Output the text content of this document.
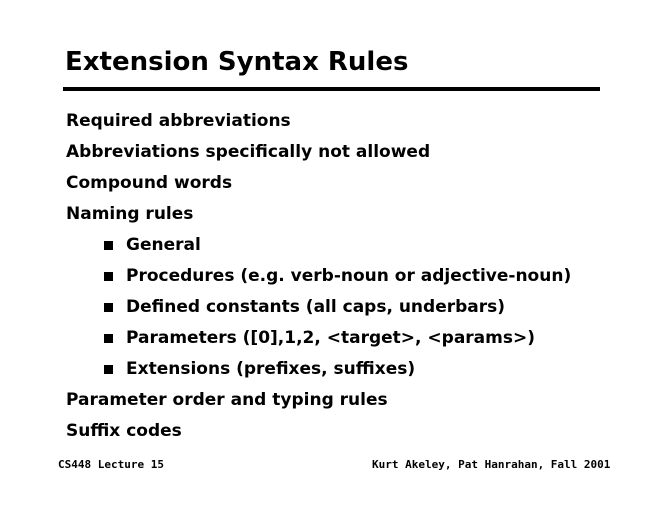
Extension Syntax Rules
Required abbreviations
Abbreviations specifically not allowed
Compound words
Naming rules
General
Procedures (e.g. verb-noun or adjective-noun)
Defined constants (all caps, underbars)
Parameters ([0],1,2, <target>, <params>)
Extensions (prefixes, suffixes)
Parameter order and typing rules
Suffix codes
CS448 Lecture 15	Kurt Akeley, Pat Hanrahan, Fall 2001
